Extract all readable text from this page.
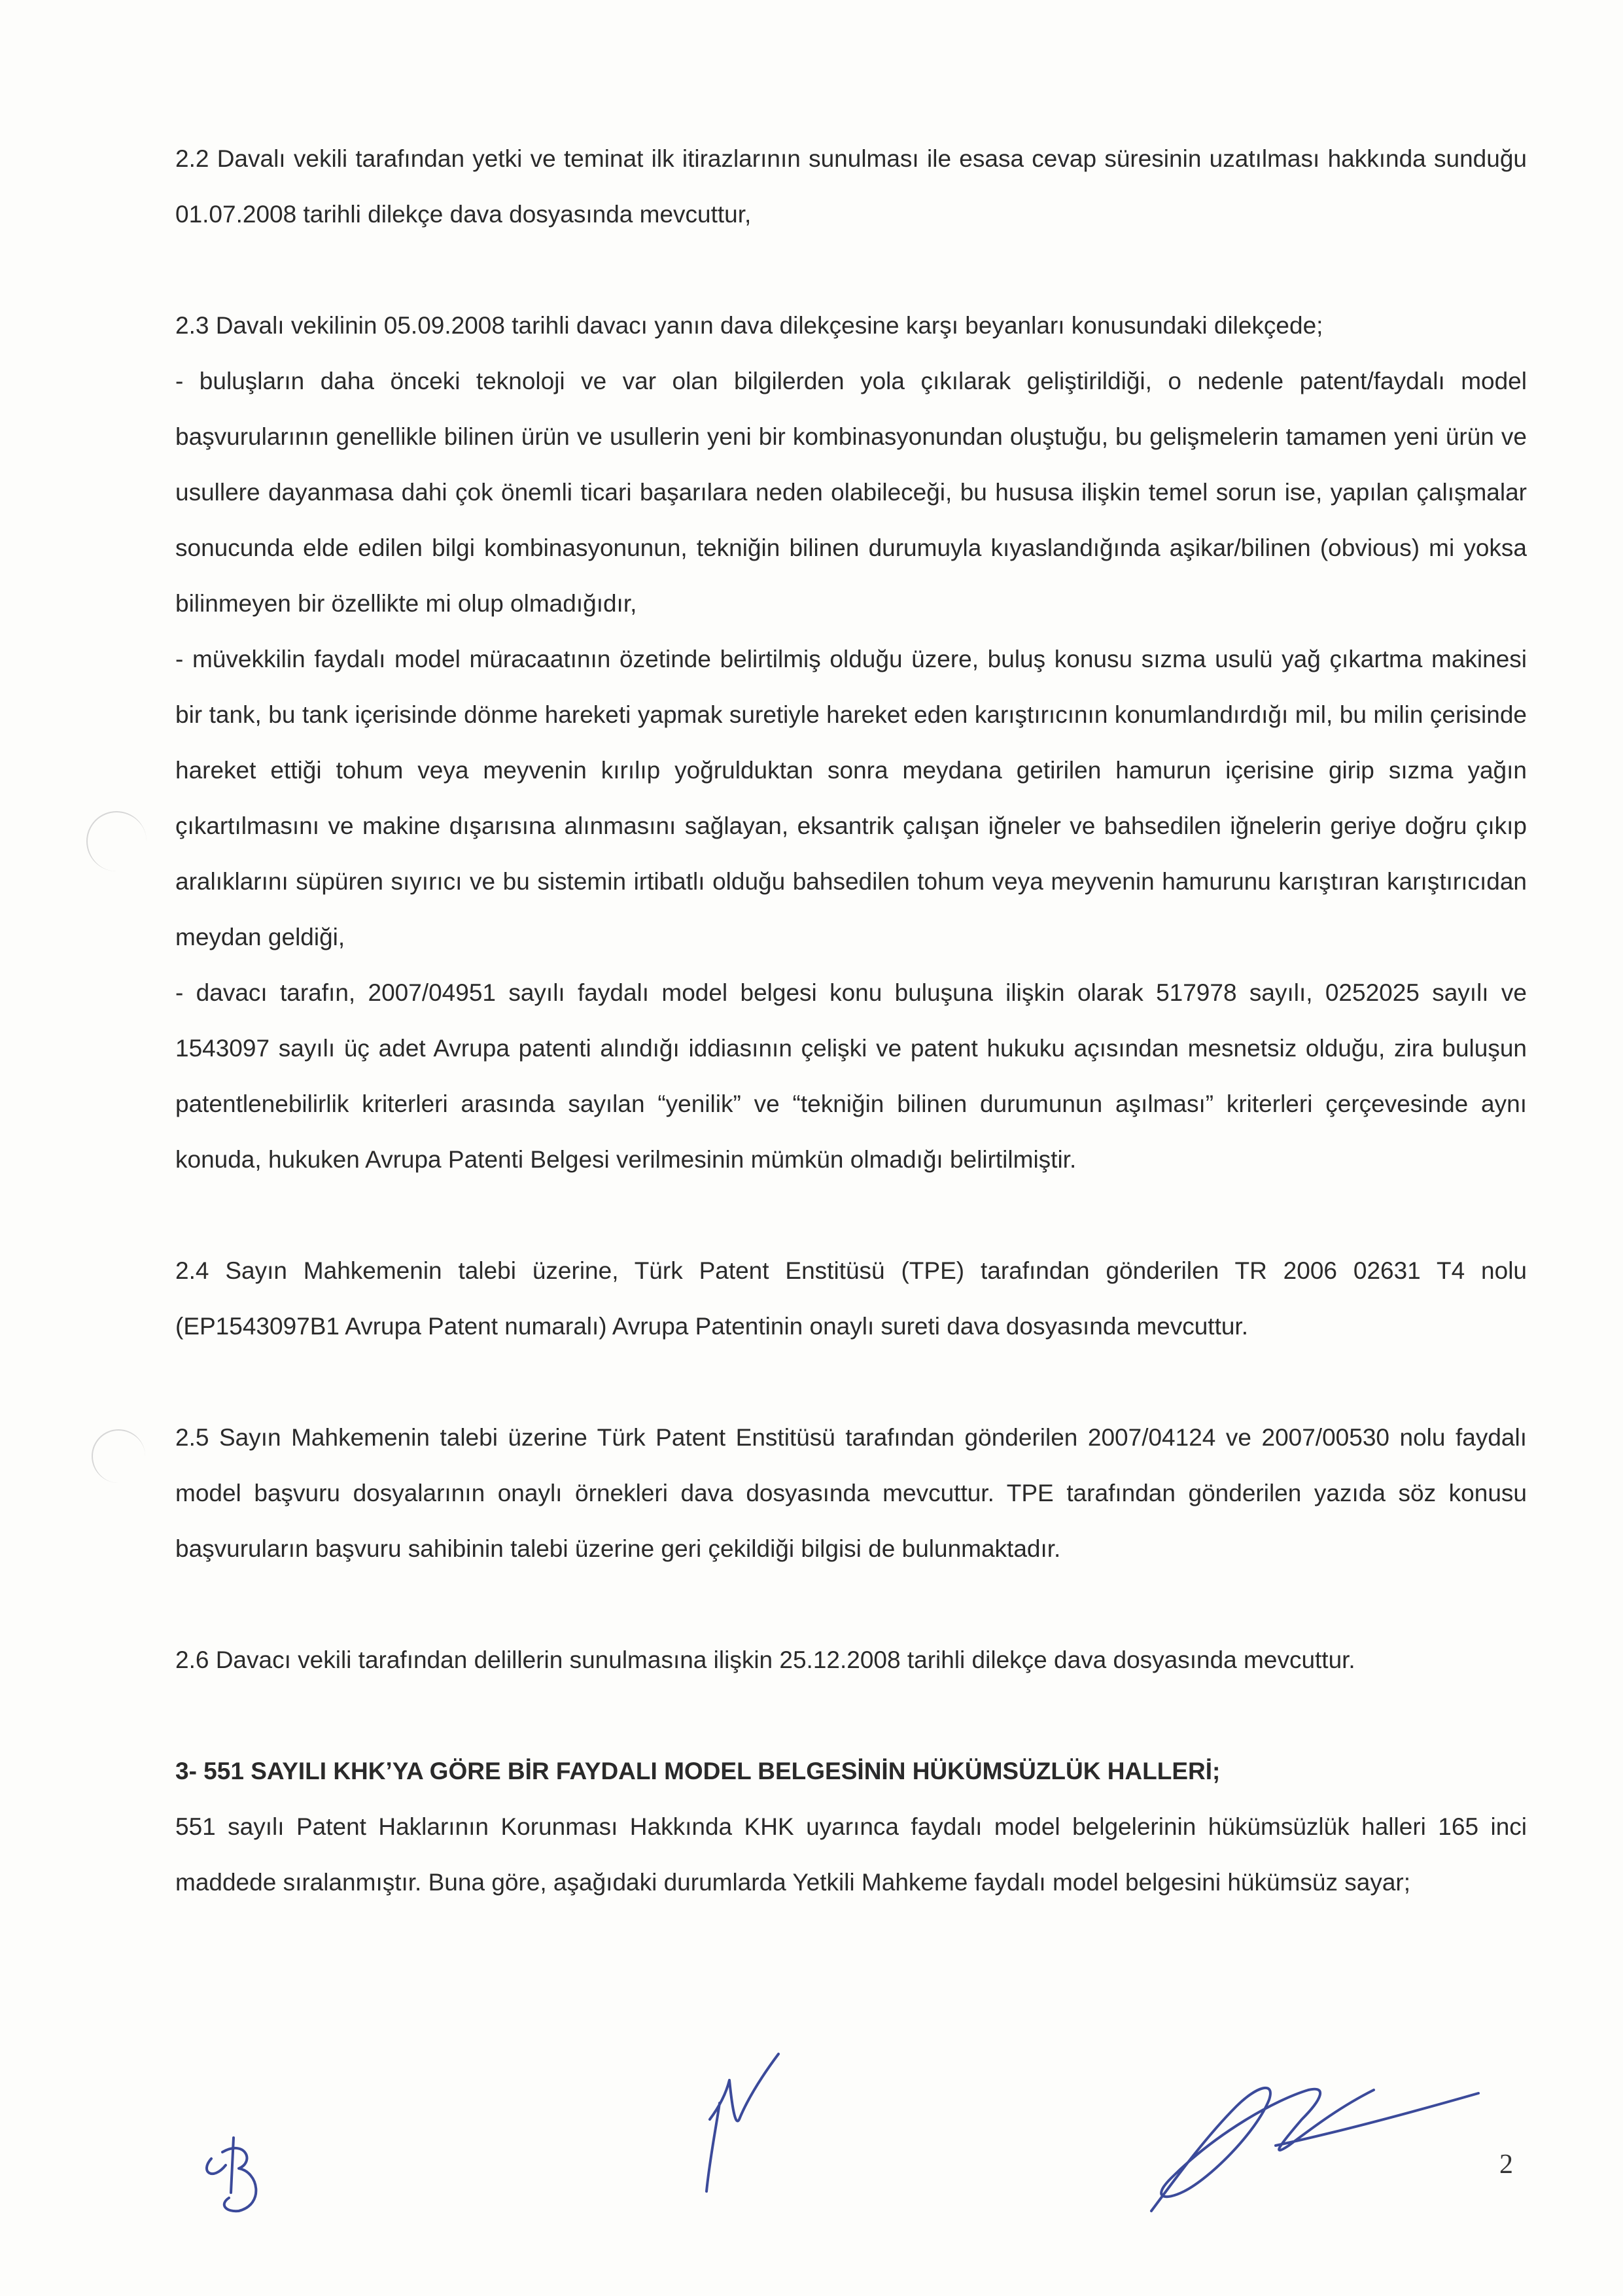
2.2 Davalı vekili tarafından yetki ve teminat ilk itirazlarının sunulması ile esasa cevap süresinin uzatılması hakkında sunduğu 01.07.2008 tarihli dilekçe dava dosyasında mevcuttur,

2.3 Davalı vekilinin 05.09.2008 tarihli davacı yanın dava dilekçesine karşı beyanları konusundaki dilekçede;

- buluşların daha önceki teknoloji ve var olan bilgilerden yola çıkılarak geliştirildiği, o nedenle patent/faydalı model başvurularının genellikle bilinen ürün ve usullerin yeni bir kombinasyonundan oluştuğu, bu gelişmelerin tamamen yeni ürün ve usullere dayanmasa dahi çok önemli ticari başarılara neden olabileceği, bu hususa ilişkin temel sorun ise, yapılan çalışmalar sonucunda elde edilen bilgi kombinasyonunun, tekniğin bilinen durumuyla kıyaslandığında aşikar/bilinen (obvious) mi yoksa bilinmeyen bir özellikte mi olup olmadığıdır,

- müvekkilin faydalı model müracaatının özetinde belirtilmiş olduğu üzere, buluş konusu sızma usulü yağ çıkartma makinesi bir tank, bu tank içerisinde dönme hareketi yapmak suretiyle hareket eden karıştırıcının konumlandırdığı mil, bu milin çerisinde hareket ettiği tohum veya meyvenin kırılıp yoğrulduktan sonra meydana getirilen hamurun içerisine girip sızma yağın çıkartılmasını ve makine dışarısına alınmasını sağlayan, eksantrik çalışan iğneler ve bahsedilen iğnelerin geriye doğru çıkıp aralıklarını süpüren sıyırıcı ve bu sistemin irtibatlı olduğu bahsedilen tohum veya meyvenin hamurunu karıştıran karıştırıcıdan meydan geldiği,

- davacı tarafın, 2007/04951 sayılı faydalı model belgesi konu buluşuna ilişkin olarak 517978 sayılı, 0252025 sayılı ve 1543097 sayılı üç adet Avrupa patenti alındığı iddiasının çelişki ve patent hukuku açısından mesnetsiz olduğu, zira buluşun patentlenebilirlik kriterleri arasında sayılan “yenilik” ve “tekniğin bilinen durumunun aşılması” kriterleri çerçevesinde aynı konuda, hukuken Avrupa Patenti Belgesi verilmesinin mümkün olmadığı belirtilmiştir.

2.4 Sayın Mahkemenin talebi üzerine, Türk Patent Enstitüsü (TPE) tarafından gönderilen TR 2006 02631 T4 nolu (EP1543097B1 Avrupa Patent numaralı) Avrupa Patentinin onaylı sureti dava dosyasında mevcuttur.

2.5 Sayın Mahkemenin talebi üzerine Türk Patent Enstitüsü tarafından gönderilen 2007/04124 ve 2007/00530 nolu faydalı model başvuru dosyalarının onaylı örnekleri dava dosyasında mevcuttur. TPE tarafından gönderilen yazıda söz konusu başvuruların başvuru sahibinin talebi üzerine geri çekildiği bilgisi de bulunmaktadır.

2.6 Davacı vekili tarafından delillerin sunulmasına ilişkin 25.12.2008 tarihli dilekçe dava dosyasında mevcuttur.

3- 551 SAYILI KHK’YA GÖRE BİR FAYDALI MODEL BELGESİNİN HÜKÜMSÜZLÜK HALLERİ;

551 sayılı Patent Haklarının Korunması Hakkında KHK uyarınca faydalı model belgelerinin hükümsüzlük halleri 165 inci maddede sıralanmıştır. Buna göre, aşağıdaki durumlarda Yetkili Mahkeme faydalı model belgesini hükümsüz sayar;

2
